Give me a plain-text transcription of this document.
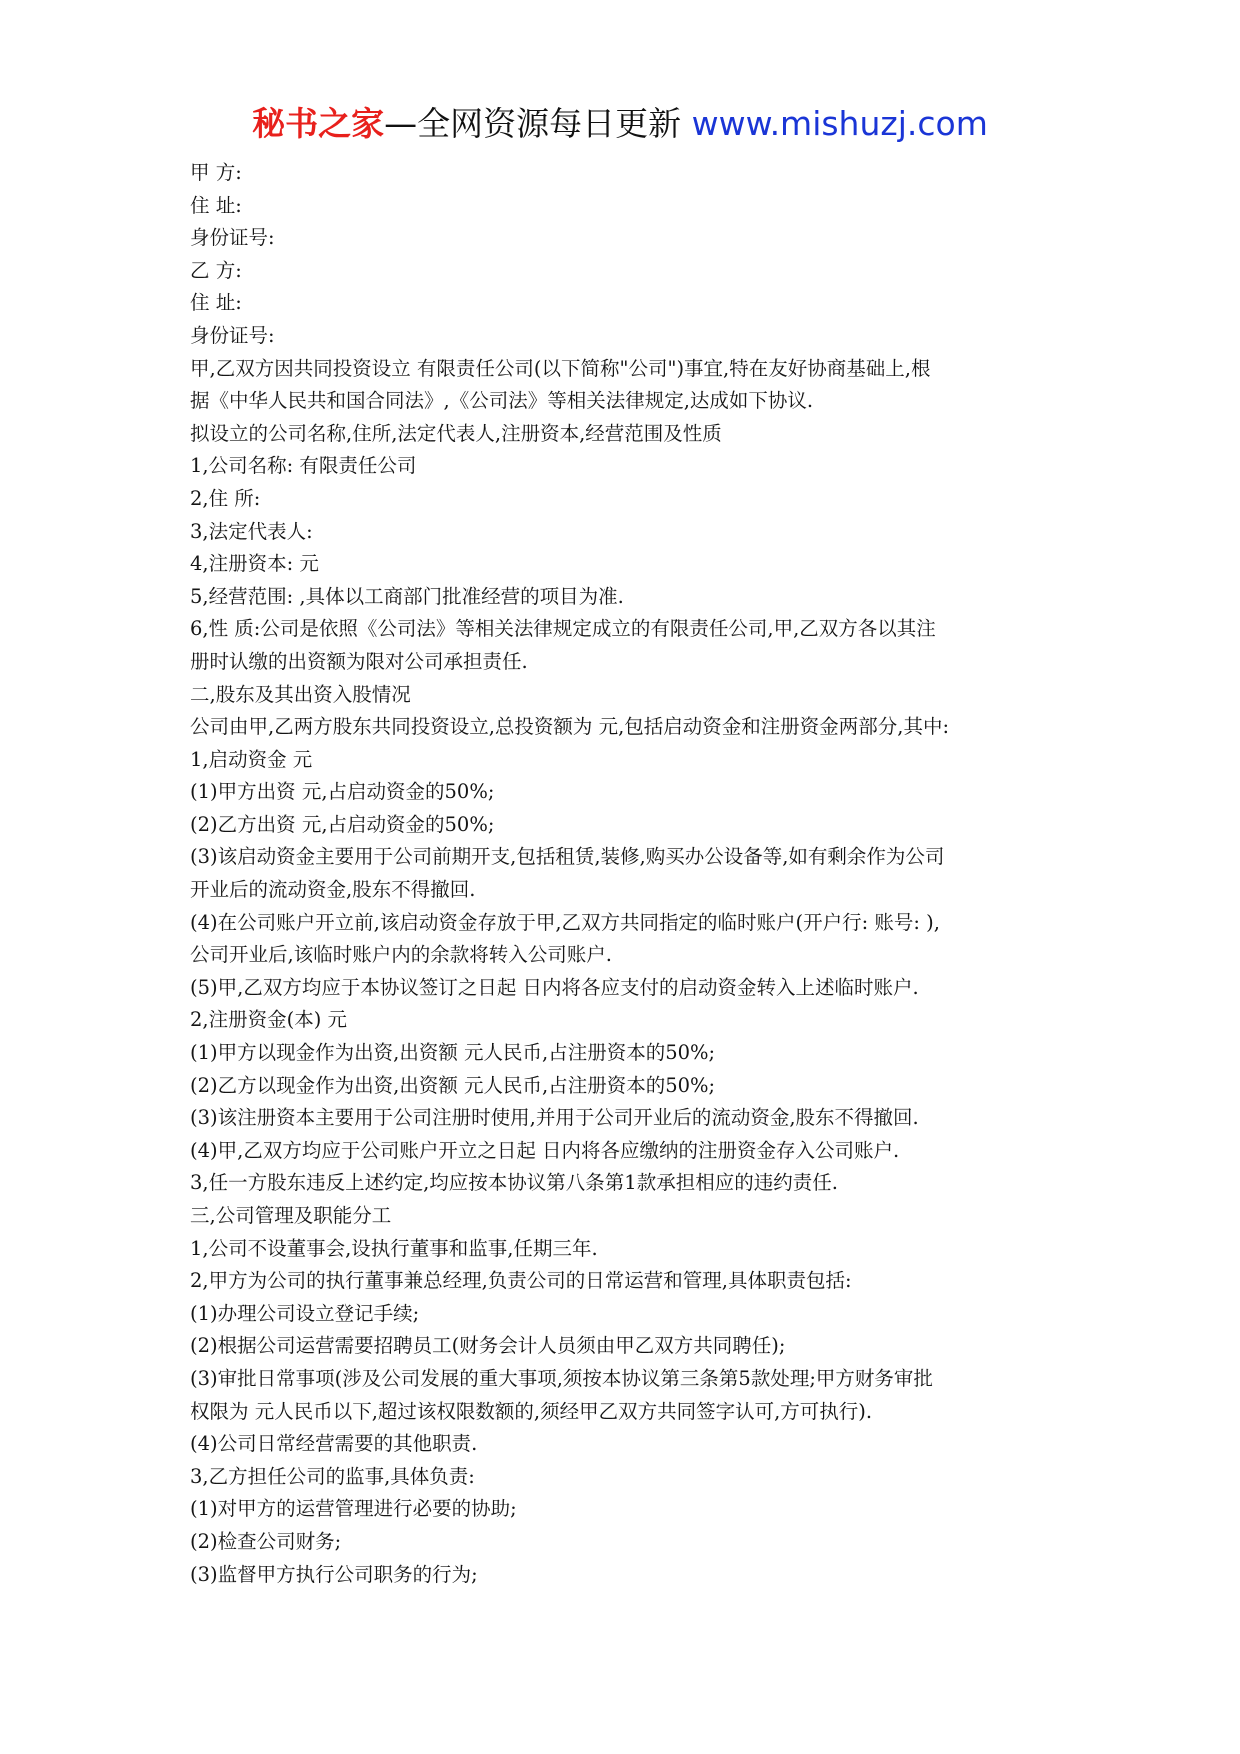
秘书之家—全网资源每日更新 www.mishuzj.com

甲 方:

住 址:

身份证号:

乙 方:

住 址:

身份证号:

甲,乙双方因共同投资设立 有限责任公司(以下简称"公司")事宜,特在友好协商基础上,根

据《中华人民共和国合同法》,《公司法》等相关法律规定,达成如下协议.

拟设立的公司名称,住所,法定代表人,注册资本,经营范围及性质

1,公司名称: 有限责任公司

2,住 所:

3,法定代表人:

4,注册资本: 元

5,经营范围: ,具体以工商部门批准经营的项目为准.

6,性 质:公司是依照《公司法》等相关法律规定成立的有限责任公司,甲,乙双方各以其注

册时认缴的出资额为限对公司承担责任.

二,股东及其出资入股情况

公司由甲,乙两方股东共同投资设立,总投资额为 元,包括启动资金和注册资金两部分,其中:

1,启动资金 元

(1)甲方出资 元,占启动资金的50%;

(2)乙方出资 元,占启动资金的50%;

(3)该启动资金主要用于公司前期开支,包括租赁,装修,购买办公设备等,如有剩余作为公司

开业后的流动资金,股东不得撤回.

(4)在公司账户开立前,该启动资金存放于甲,乙双方共同指定的临时账户(开户行: 账号: ),

公司开业后,该临时账户内的余款将转入公司账户.

(5)甲,乙双方均应于本协议签订之日起 日内将各应支付的启动资金转入上述临时账户.

2,注册资金(本) 元

(1)甲方以现金作为出资,出资额 元人民币,占注册资本的50%;

(2)乙方以现金作为出资,出资额 元人民币,占注册资本的50%;

(3)该注册资本主要用于公司注册时使用,并用于公司开业后的流动资金,股东不得撤回.

(4)甲,乙双方均应于公司账户开立之日起 日内将各应缴纳的注册资金存入公司账户.

3,任一方股东违反上述约定,均应按本协议第八条第1款承担相应的违约责任.

三,公司管理及职能分工

1,公司不设董事会,设执行董事和监事,任期三年.

2,甲方为公司的执行董事兼总经理,负责公司的日常运营和管理,具体职责包括:

(1)办理公司设立登记手续;

(2)根据公司运营需要招聘员工(财务会计人员须由甲乙双方共同聘任);

(3)审批日常事项(涉及公司发展的重大事项,须按本协议第三条第5款处理;甲方财务审批

权限为 元人民币以下,超过该权限数额的,须经甲乙双方共同签字认可,方可执行).

(4)公司日常经营需要的其他职责.

3,乙方担任公司的监事,具体负责:

(1)对甲方的运营管理进行必要的协助;

(2)检查公司财务;

(3)监督甲方执行公司职务的行为;
